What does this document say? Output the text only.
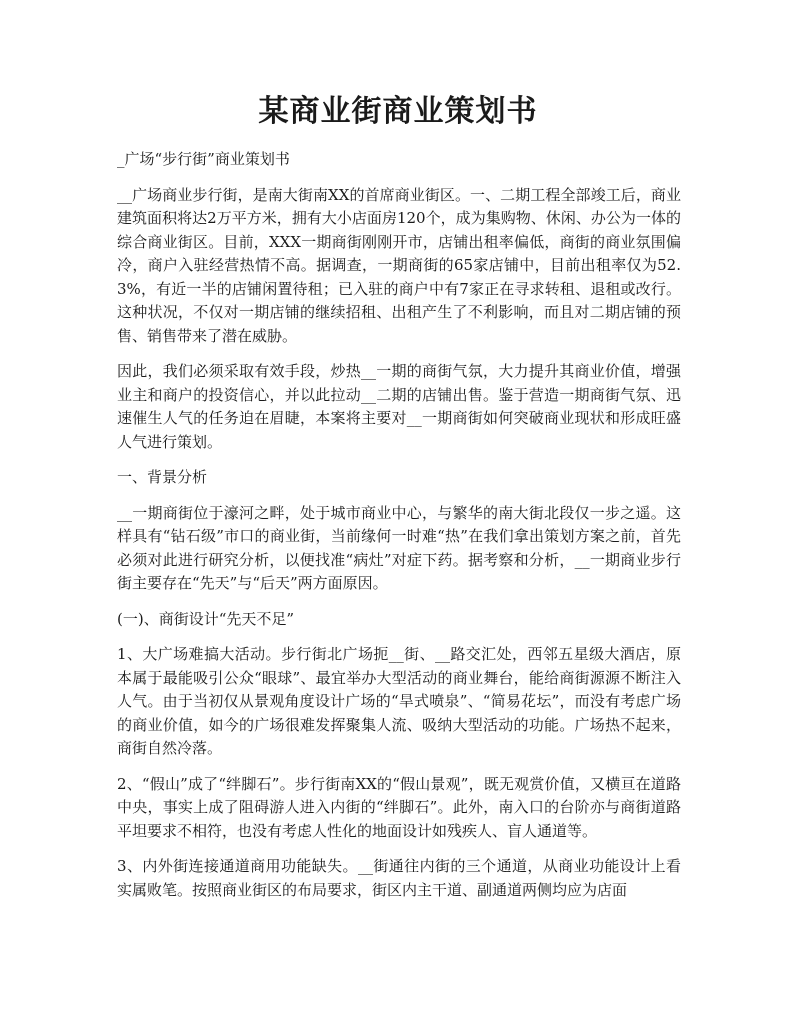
某商业街商业策划书

_广场“步行街”商业策划书

__广场商业步行街，是南大街南XX的首席商业街区。一、二期工程全部竣工后，商业建筑面积将达2万平方米，拥有大小店面房120个，成为集购物、休闲、办公为一体的综合商业街区。目前，XXX一期商街刚刚开市，店铺出租率偏低，商街的商业氛围偏冷，商户入驻经营热情不高。据调查，一期商街的65家店铺中，目前出租率仅为52.3%，有近一半的店铺闲置待租；已入驻的商户中有7家正在寻求转租、退租或改行。这种状况，不仅对一期店铺的继续招租、出租产生了不利影响，而且对二期店铺的预售、销售带来了潜在威胁。

因此，我们必须采取有效手段，炒热__一期的商街气氛，大力提升其商业价值，增强业主和商户的投资信心，并以此拉动__二期的店铺出售。鉴于营造一期商街气氛、迅速催生人气的任务迫在眉睫，本案将主要对__一期商街如何突破商业现状和形成旺盛人气进行策划。

一、背景分析

__一期商街位于濠河之畔，处于城市商业中心，与繁华的南大街北段仅一步之遥。这样具有“钻石级”市口的商业街，当前缘何一时难“热”在我们拿出策划方案之前，首先必须对此进行研究分析，以便找准“病灶”对症下药。据考察和分析，__一期商业步行街主要存在“先天”与“后天”两方面原因。

(一)、商街设计“先天不足”

1、大广场难搞大活动。步行街北广场扼__街、__路交汇处，西邻五星级大酒店，原本属于最能吸引公众“眼球”、最宜举办大型活动的商业舞台，能给商街源源不断注入人气。由于当初仅从景观角度设计广场的“旱式喷泉”、“简易花坛”，而没有考虑广场的商业价值，如今的广场很难发挥聚集人流、吸纳大型活动的功能。广场热不起来，商街自然冷落。

2、“假山”成了“绊脚石”。步行街南XX的“假山景观”，既无观赏价值，又横亘在道路中央，事实上成了阻碍游人进入内街的“绊脚石”。此外，南入口的台阶亦与商街道路平坦要求不相符，也没有考虑人性化的地面设计如残疾人、盲人通道等。

3、内外街连接通道商用功能缺失。__街通往内街的三个通道，从商业功能设计上看实属败笔。按照商业街区的布局要求，街区内主干道、副通道两侧均应为店面
